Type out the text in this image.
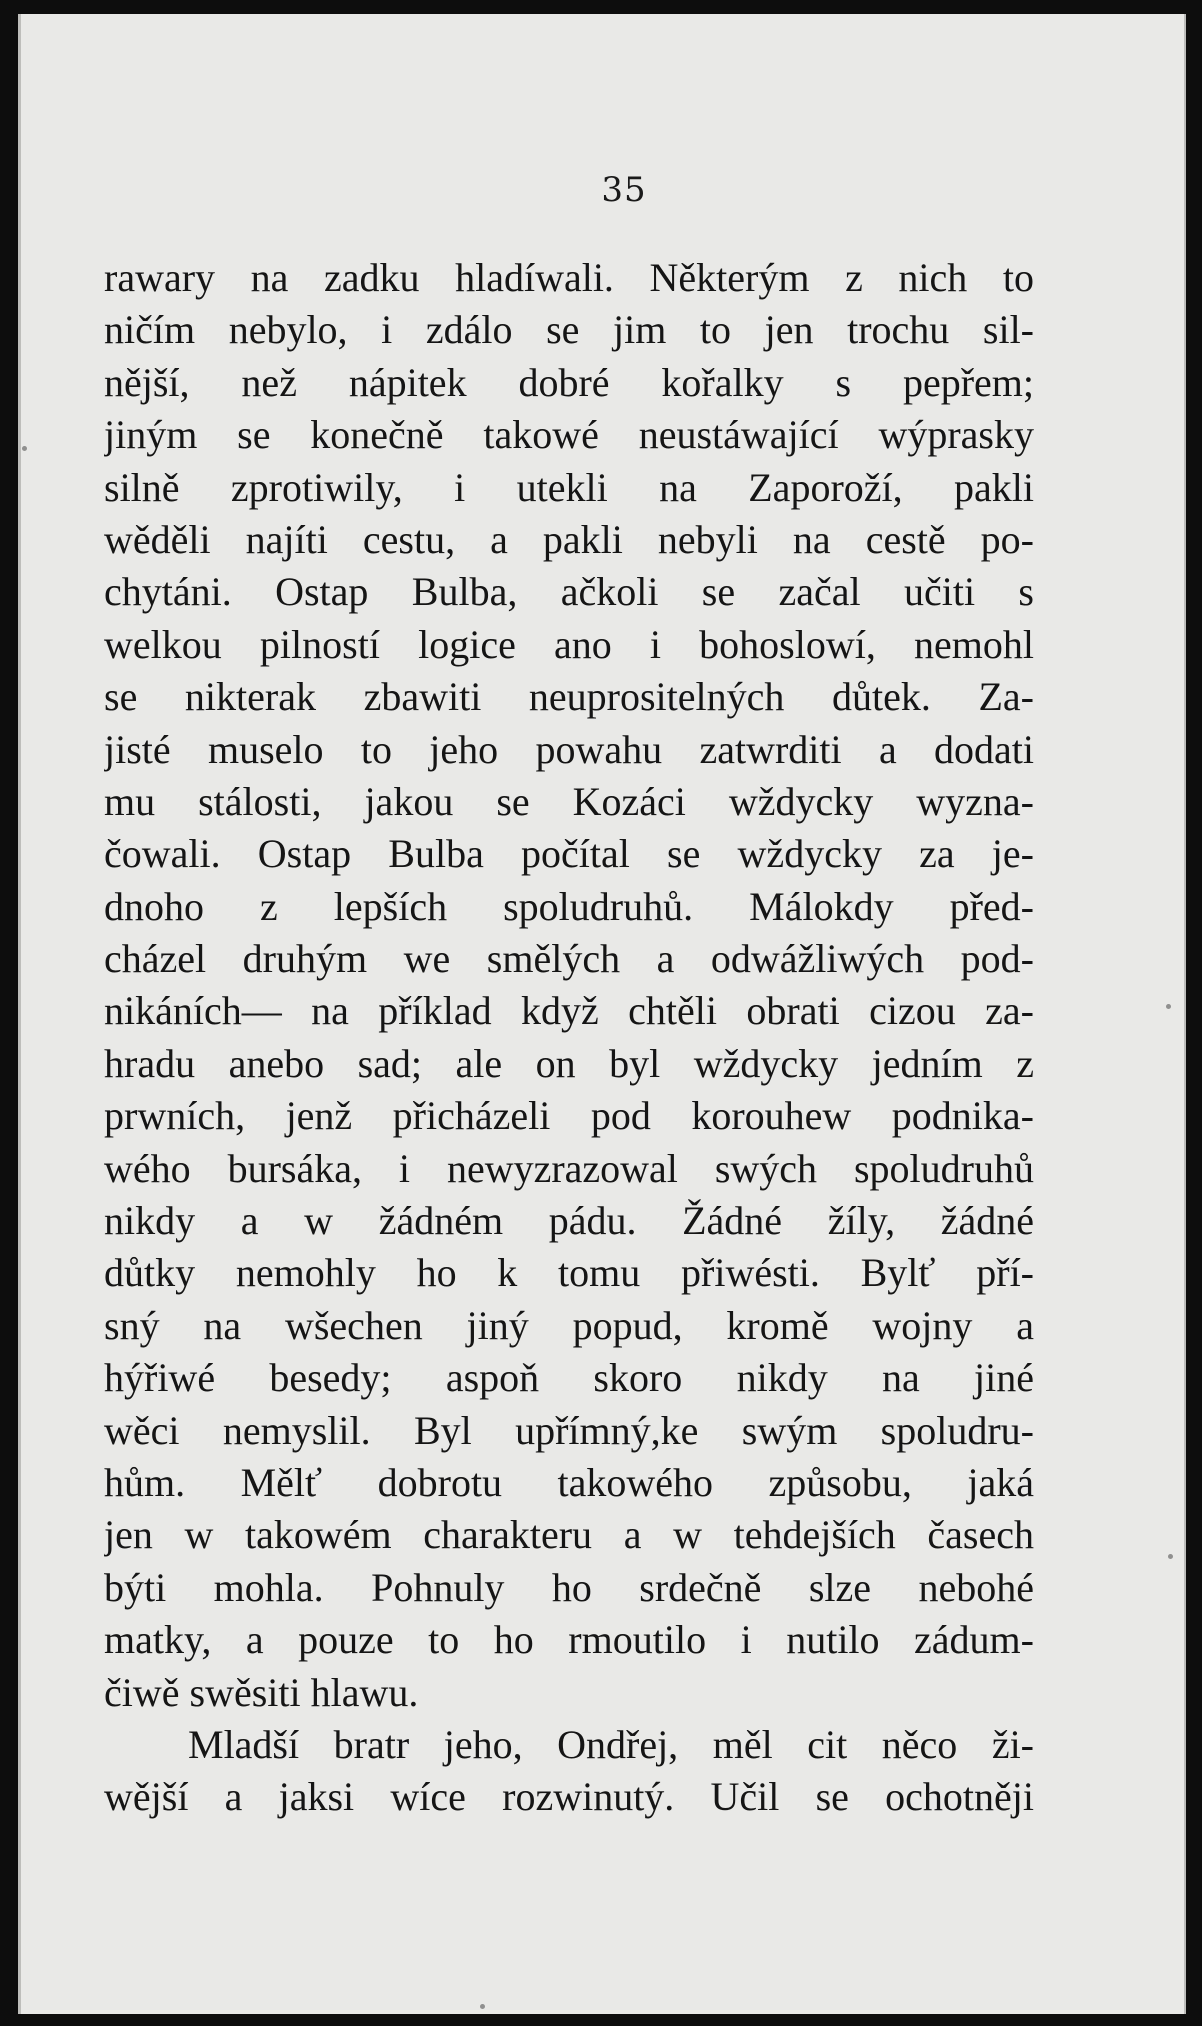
35
rawary na zadku hladíwali. Některým z nich to
ničím nebylo, i zdálo se jim to jen trochu sil-
nější, než nápitek dobré kořalky s pepřem;
jiným se konečně takowé neustáwající wýprasky
silně zprotiwily, i utekli na Zaporoží, pakli
wěděli najíti cestu, a pakli nebyli na cestě po-
chytáni. Ostap Bulba, ačkoli se začal učiti s
welkou pilností logice ano i bohoslowí, nemohl
se nikterak zbawiti neuprositelných důtek. Za-
jisté muselo to jeho powahu zatwrditi a dodati
mu stálosti, jakou se Kozáci wždycky wyzna-
čowali. Ostap Bulba počítal se wždycky za je-
dnoho z lepších spoludruhů. Málokdy před-
cházel druhým we smělých a odwážliwých pod-
nikáních— na příklad když chtěli obrati cizou za-
hradu anebo sad; ale on byl wždycky jedním z
prwních, jenž přicházeli pod korouhew podnika-
wého bursáka, i newyzrazowal swých spoludruhů
nikdy a w žádném pádu. Žádné žíly, žádné
důtky nemohly ho k tomu přiwésti. Bylť pří-
sný na wšechen jiný popud, kromě wojny a
hýřiwé besedy; aspoň skoro nikdy na jiné
wěci nemyslil. Byl upřímný,ke swým spoludru-
hům. Mělť dobrotu takowého způsobu, jaká
jen w takowém charakteru a w tehdejších časech
býti mohla. Pohnuly ho srdečně slze nebohé
matky, a pouze to ho rmoutilo i nutilo zádum-
čiwě swěsiti hlawu.
Mladší bratr jeho, Ondřej, měl cit něco ži-
wější a jaksi wíce rozwinutý. Učil se ochotněji
